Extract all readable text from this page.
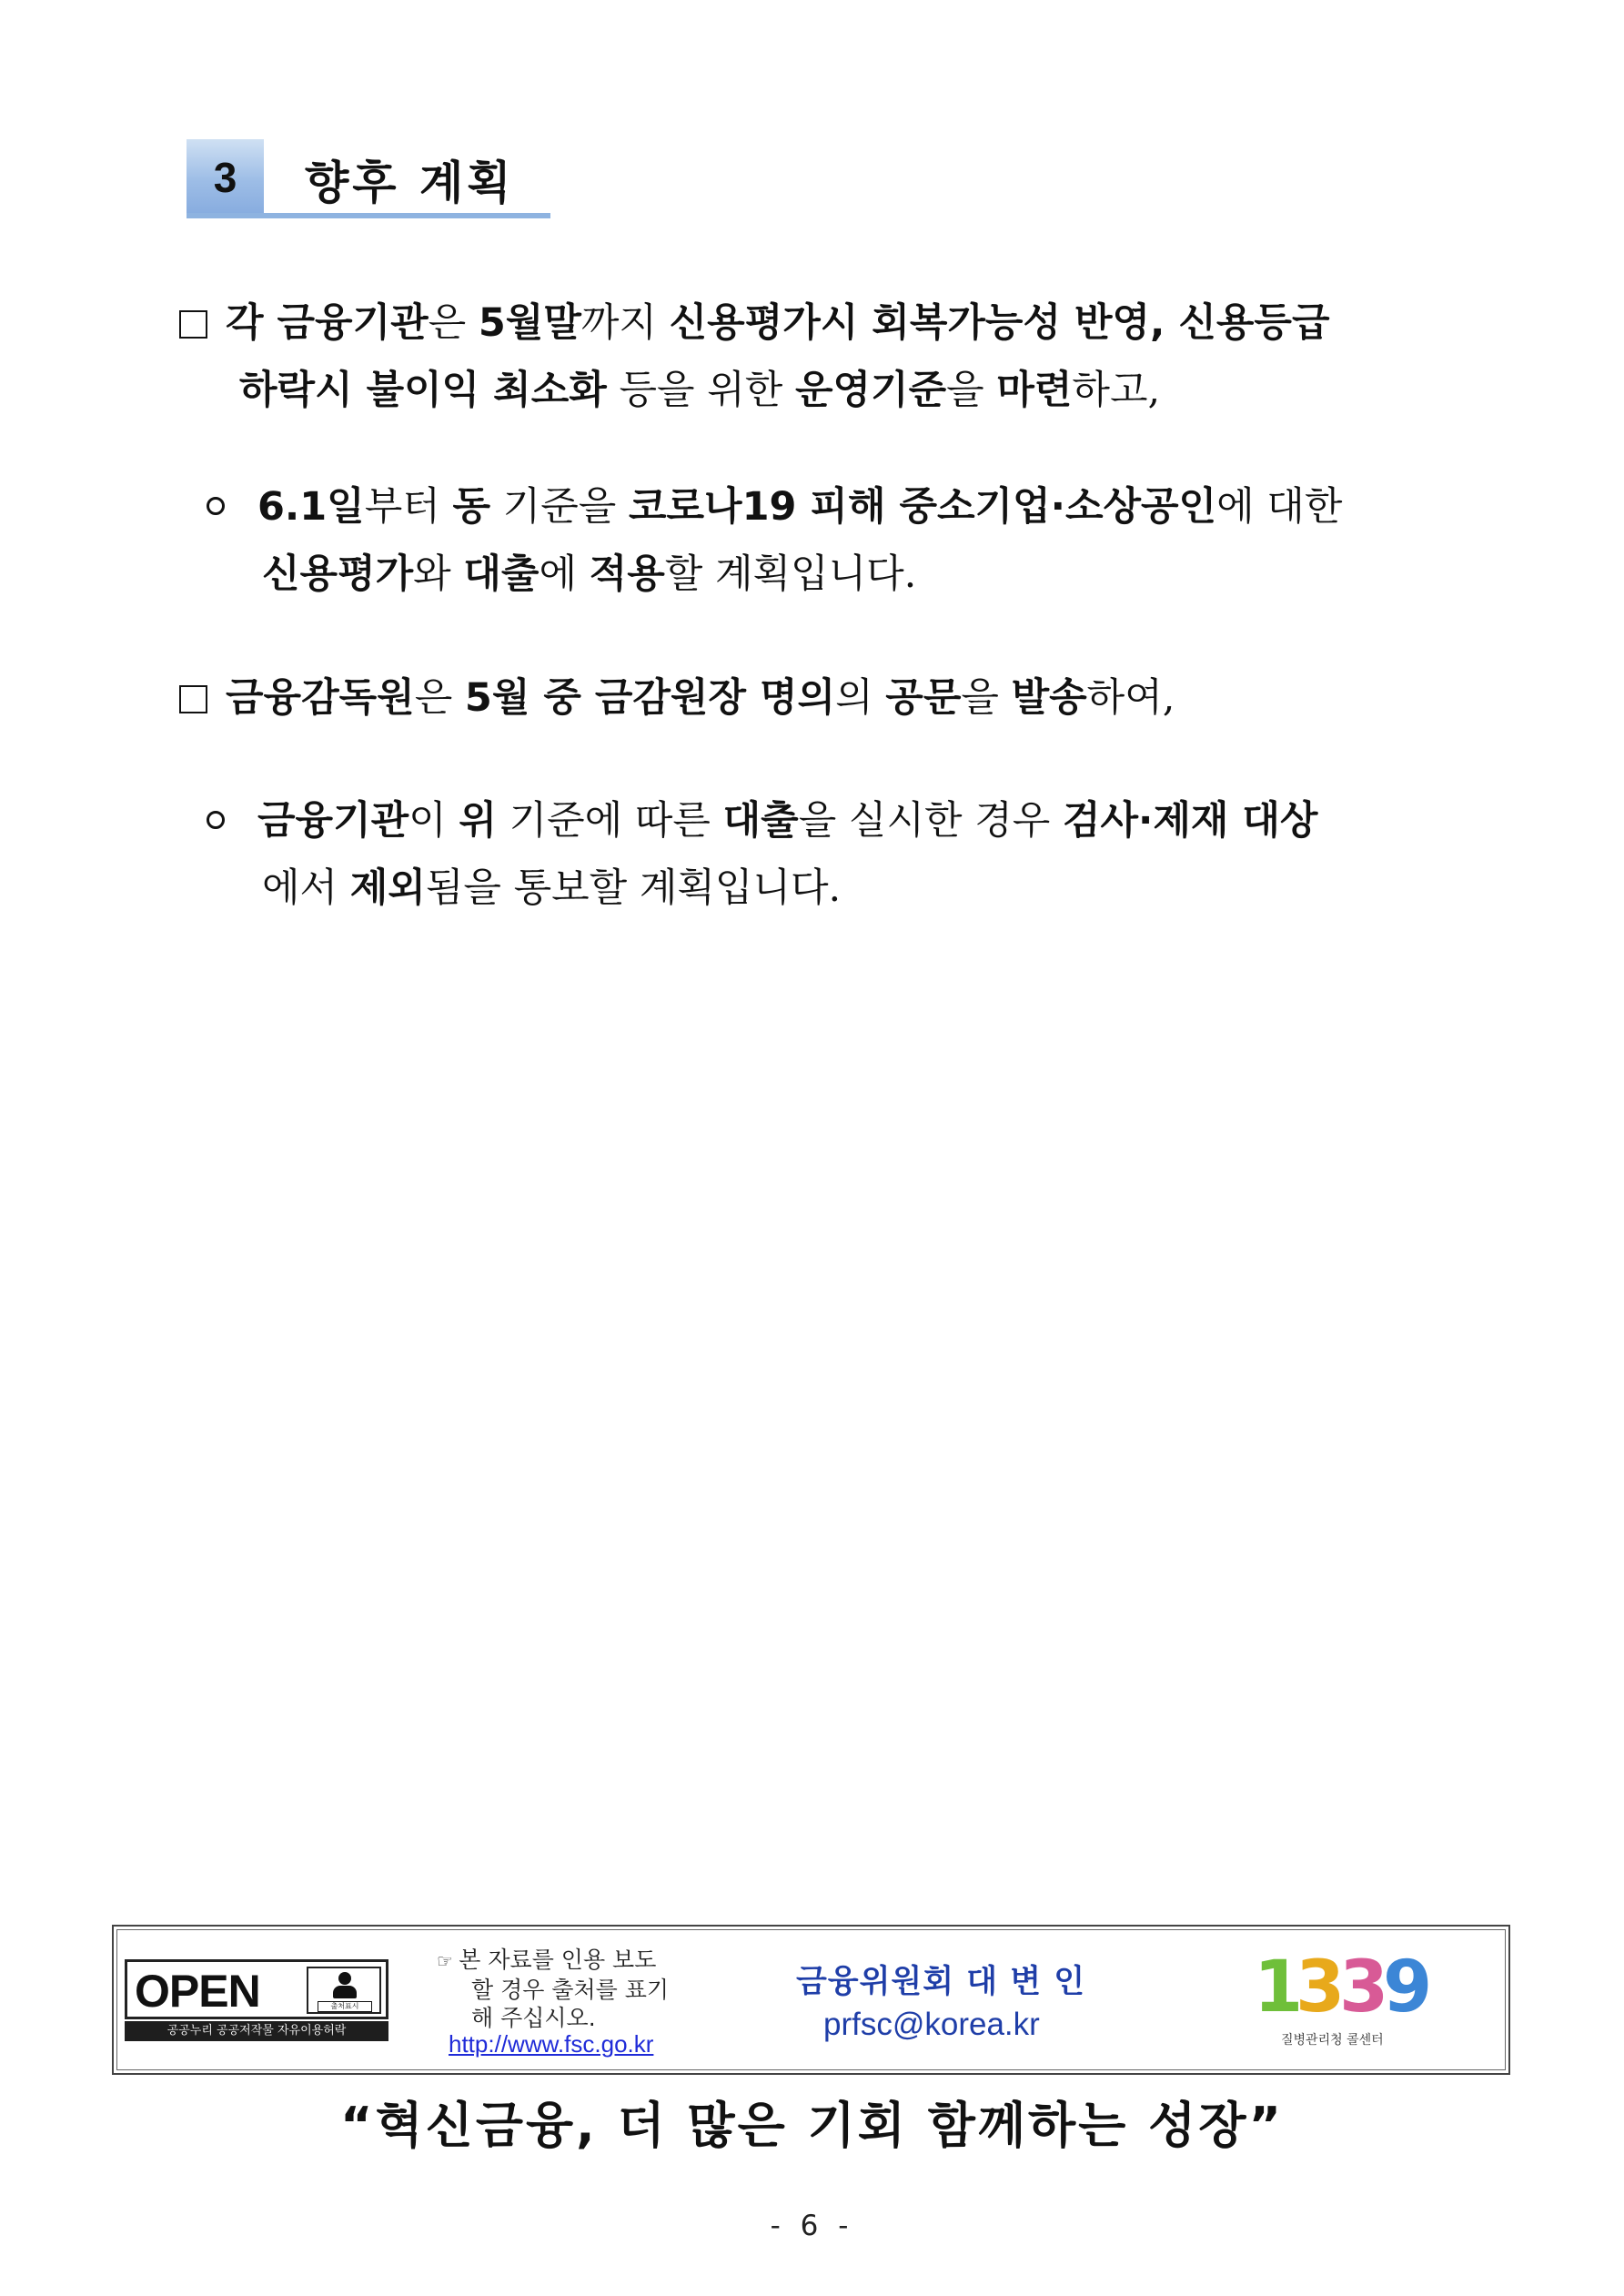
3	향후 계획
각 금융기관은 5월말까지 신용평가시 회복가능성 반영, 신용등급
하락시 불이익 최소화 등을 위한 운영기준을 마련하고,
6.1일부터 동 기준을 코로나19 피해 중소기업·소상공인에 대한
신용평가와 대출에 적용할 계획입니다.
금융감독원은 5월 중 금감원장 명의의 공문을 발송하여,
금융기관이 위 기준에 따른 대출을 실시한 경우 검사·제재 대상
에서 제외됨을 통보할 계획입니다.
OPEN	출처표시
공공누리 공공저작물 자유이용허락
☞ 본 자료를 인용 보도
할 경우 출처를 표기
해 주십시오.
http://www.fsc.go.kr
금융위원회 대 변 인
prfsc@korea.kr	1
3
3
9
질병관리청 콜센터
“혁신금융, 더 많은 기회 함께하는 성장”
- 6 -
